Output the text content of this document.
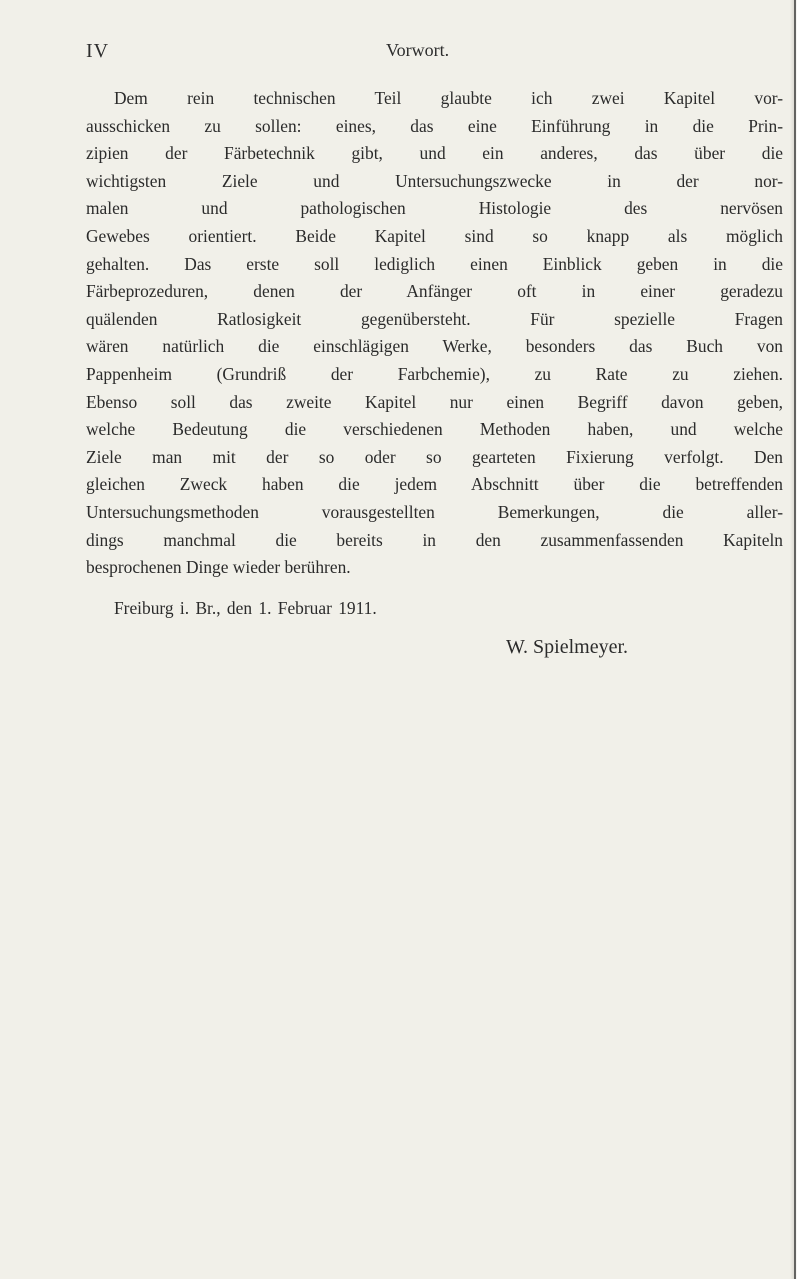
IV	Vorwort.
Dem rein technischen Teil glaubte ich zwei Kapitel vor-
ausschicken zu sollen: eines, das eine Einführung in die Prin-
zipien der Färbetechnik gibt, und ein anderes, das über die
wichtigsten Ziele und Untersuchungszwecke in der nor-
malen und pathologischen Histologie des nervösen
Gewebes orientiert. Beide Kapitel sind so knapp als möglich
gehalten. Das erste soll lediglich einen Einblick geben in die
Färbeprozeduren, denen der Anfänger oft in einer geradezu
quälenden Ratlosigkeit gegenübersteht. Für spezielle Fragen
wären natürlich die einschlägigen Werke, besonders das Buch von
Pappenheim (Grundriß der Farbchemie), zu Rate zu ziehen.
Ebenso soll das zweite Kapitel nur einen Begriff davon geben,
welche Bedeutung die verschiedenen Methoden haben, und welche
Ziele man mit der so oder so gearteten Fixierung verfolgt. Den
gleichen Zweck haben die jedem Abschnitt über die betreffenden
Untersuchungsmethoden vorausgestellten Bemerkungen, die aller-
dings manchmal die bereits in den zusammenfassenden Kapiteln
besprochenen Dinge wieder berühren.
Freiburg i. Br., den 1. Februar 1911.
W. Spielmeyer.
